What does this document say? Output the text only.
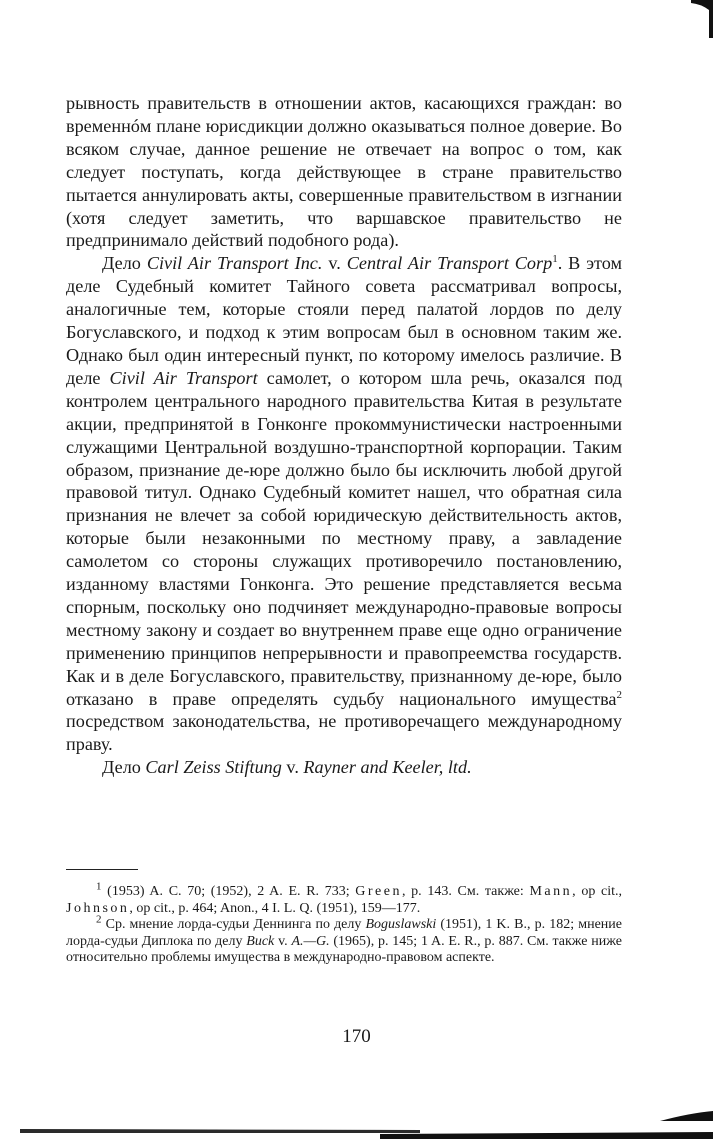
рывность правительств в отношении актов, касающихся граждан: во временнóм плане юрисдикции должно оказываться полное доверие. Во всяком случае, данное решение не отвечает на вопрос о том, как следует поступать, когда действующее в стране правительство пытается аннулировать акты, совершенные правительством в изгнании (хотя следует заметить, что варшавское правительство не предпринимало действий подобного рода).

Дело Civil Air Transport Inc. v. Central Air Transport Corp$^1$. В этом деле Судебный комитет Тайного совета рассматривал вопросы, аналогичные тем, которые стояли перед палатой лордов по делу Богуславского, и подход к этим вопросам был в основном таким же. Однако был один интересный пункт, по которому имелось различие. В деле Civil Air Transport самолет, о котором шла речь, оказался под контролем центрального народного правительства Китая в результате акции, предпринятой в Гонконге прокоммунистически настроенными служащими Центральной воздушно-транспортной корпорации. Таким образом, признание де-юре должно было бы исключить любой другой правовой титул. Однако Судебный комитет нашел, что обратная сила признания не влечет за собой юридическую действительность актов, которые были незаконными по местному праву, а завладение самолетом со стороны служащих противоречило постановлению, изданному властями Гонконга. Это решение представляется весьма спорным, поскольку оно подчиняет международно-правовые вопросы местному закону и создает во внутреннем праве еще одно ограничение применению принципов непрерывности и правопреемства государств. Как и в деле Богуславского, правительству, признанному де-юре, было отказано в праве определять судьбу национального имущества$^2$ посредством законодательства, не противоречащего международному праву.

Дело Carl Zeiss Stiftung v. Rayner and Keeler, ltd.

$^1$ (1953) A. C. 70; (1952), 2 A. E. R. 733; Green, p. 143. См. также: Mann, op cit., Johnson, op cit., p. 464; Anon., 4 I. L. Q. (1951), 159—177.

$^2$ Ср. мнение лорда-судьи Деннинга по делу Boguslawski (1951), 1 K. B., p. 182; мнение лорда-судьи Диплока по делу Buck v. A.—G. (1965), p. 145; 1 A. E. R., p. 887. См. также ниже относительно проблемы имущества в международно-правовом аспекте.

170
